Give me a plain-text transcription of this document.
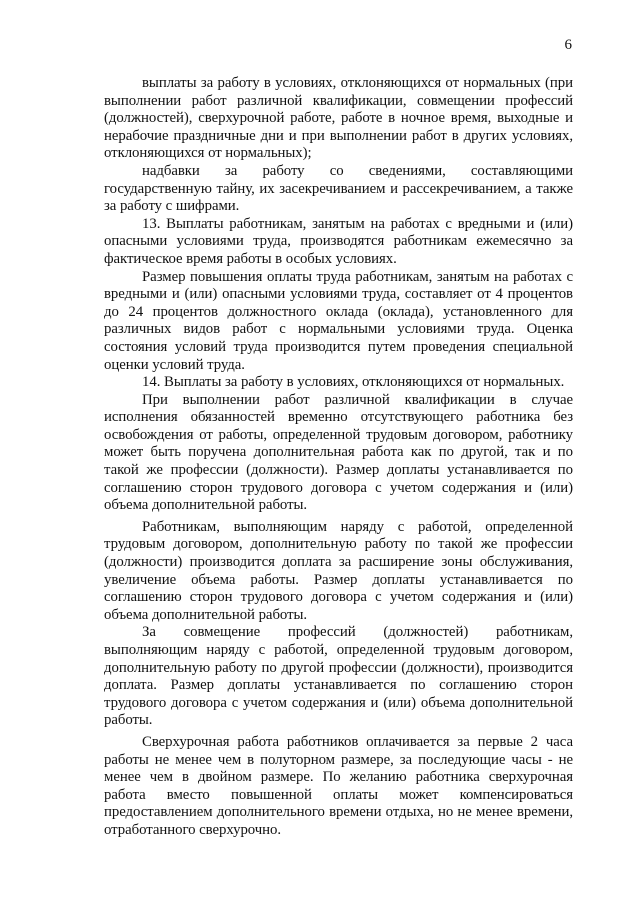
6

выплаты за работу в условиях, отклоняющихся от нормальных (при выполнении работ различной квалификации, совмещении профессий (должностей), сверхурочной работе, работе в ночное время, выходные и нерабочие праздничные дни и при выполнении работ в других условиях, отклоняющихся от нормальных);

надбавки за работу со сведениями, составляющими государственную тайну, их засекречиванием и рассекречиванием, а также за работу с шифрами.

13. Выплаты работникам, занятым на работах с вредными и (или) опасными условиями труда, производятся работникам ежемесячно за фактическое время работы в особых условиях.

Размер повышения оплаты труда работникам, занятым на работах с вредными и (или) опасными условиями труда, составляет от 4 процентов до 24 процентов должностного оклада (оклада), установленного для различных видов работ с нормальными условиями труда. Оценка состояния условий труда производится путем проведения специальной оценки условий труда.

14. Выплаты за работу в условиях, отклоняющихся от нормальных.

При выполнении работ различной квалификации в случае исполнения обязанностей временно отсутствующего работника без освобождения от работы, определенной трудовым договором, работнику может быть поручена дополнительная работа как по другой, так и по такой же профессии (должности). Размер доплаты устанавливается по соглашению сторон трудового договора с учетом содержания и (или) объема дополнительной работы.

Работникам, выполняющим наряду с работой, определенной трудовым договором, дополнительную работу по такой же профессии (должности) производится доплата за расширение зоны обслуживания, увеличение объема работы. Размер доплаты устанавливается по соглашению сторон трудового договора с учетом содержания и (или) объема дополнительной работы.

За совмещение профессий (должностей) работникам, выполняющим наряду с работой, определенной трудовым договором, дополнительную работу по другой профессии (должности), производится доплата. Размер доплаты устанавливается по соглашению сторон трудового договора с учетом содержания и (или) объема дополнительной работы.

Сверхурочная работа работников оплачивается за первые 2 часа работы не менее чем в полуторном размере, за последующие часы - не менее чем в двойном размере. По желанию работника сверхурочная работа вместо повышенной оплаты может компенсироваться предоставлением дополнительного времени отдыха, но не менее времени, отработанного сверхурочно.
